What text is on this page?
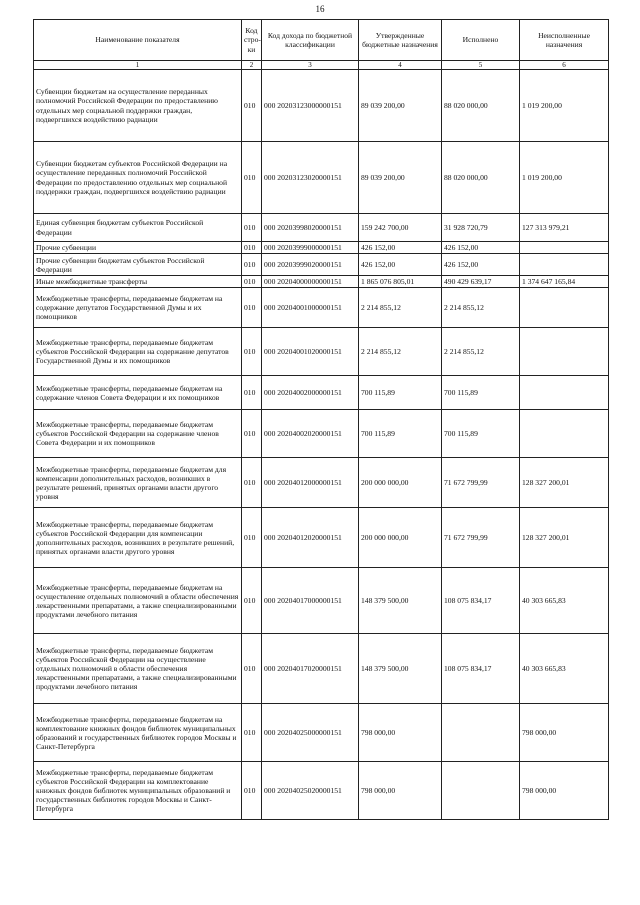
16
Наименование показателя	Код стро-ки	Код дохода по бюджетной классификации	Утвержденные бюджетные назначения	Исполнено	Неисполненные назначения
1	2	3	4	5	6
Субвенции бюджетам на осуществление переданных полномочий Российской Федерации по предоставлению отдельных мер социальной поддержки граждан, подвергшихся воздействию радиации	010	000 20203123000000151	89 039 200,00	88 020 000,00	1 019 200,00
Субвенции бюджетам субъектов Российской Федерации на осуществление переданных полномочий Российской Федерации по предоставлению отдельных мер социальной поддержки граждан, подвергшихся воздействию радиации	010	000 20203123020000151	89 039 200,00	88 020 000,00	1 019 200,00
Единая субвенция бюджетам субъектов Российской Федерации	010	000 20203998020000151	159 242 700,00	31 928 720,79	127 313 979,21
Прочие субвенции	010	000 20203999000000151	426 152,00	426 152,00	
Прочие субвенции бюджетам субъектов Российской Федерации	010	000 20203999020000151	426 152,00	426 152,00	
Иные межбюджетные трансферты	010	000 20204000000000151	1 865 076 805,01	490 429 639,17	1 374 647 165,84
Межбюджетные трансферты, передаваемые бюджетам на содержание депутатов Государственной Думы и их помощников	010	000 20204001000000151	2 214 855,12	2 214 855,12	
Межбюджетные трансферты, передаваемые бюджетам субъектов Российской Федерации на содержание депутатов Государственной Думы и их помощников	010	000 20204001020000151	2 214 855,12	2 214 855,12	
Межбюджетные трансферты, передаваемые бюджетам на содержание членов Совета Федерации и их помощников	010	000 20204002000000151	700 115,89	700 115,89	
Межбюджетные трансферты, передаваемые бюджетам субъектов Российской Федерации на содержание членов Совета Федерации и их помощников	010	000 20204002020000151	700 115,89	700 115,89	
Межбюджетные трансферты, передаваемые бюджетам для компенсации дополнительных расходов, возникших в результате решений, принятых органами власти другого уровня	010	000 20204012000000151	200 000 000,00	71 672 799,99	128 327 200,01
Межбюджетные трансферты, передаваемые бюджетам субъектов Российской Федерации для компенсации дополнительных расходов, возникших в результате решений, принятых органами власти другого уровня	010	000 20204012020000151	200 000 000,00	71 672 799,99	128 327 200,01
Межбюджетные трансферты, передаваемые бюджетам на осуществление отдельных полномочий в области обеспечения лекарственными препаратами, а также специализированными продуктами лечебного питания	010	000 20204017000000151	148 379 500,00	108 075 834,17	40 303 665,83
Межбюджетные трансферты, передаваемые бюджетам субъектов Российской Федерации на осуществление отдельных полномочий в области обеспечения лекарственными препаратами, а также специализированными продуктами лечебного питания	010	000 20204017020000151	148 379 500,00	108 075 834,17	40 303 665,83
Межбюджетные трансферты, передаваемые бюджетам на комплектование книжных фондов библиотек муниципальных образований и государственных библиотек городов Москвы и Санкт-Петербурга	010	000 20204025000000151	798 000,00		798 000,00
Межбюджетные трансферты, передаваемые бюджетам субъектов Российской Федерации на комплектование книжных фондов библиотек муниципальных образований и государственных библиотек городов Москвы и Санкт-Петербурга	010	000 20204025020000151	798 000,00		798 000,00
